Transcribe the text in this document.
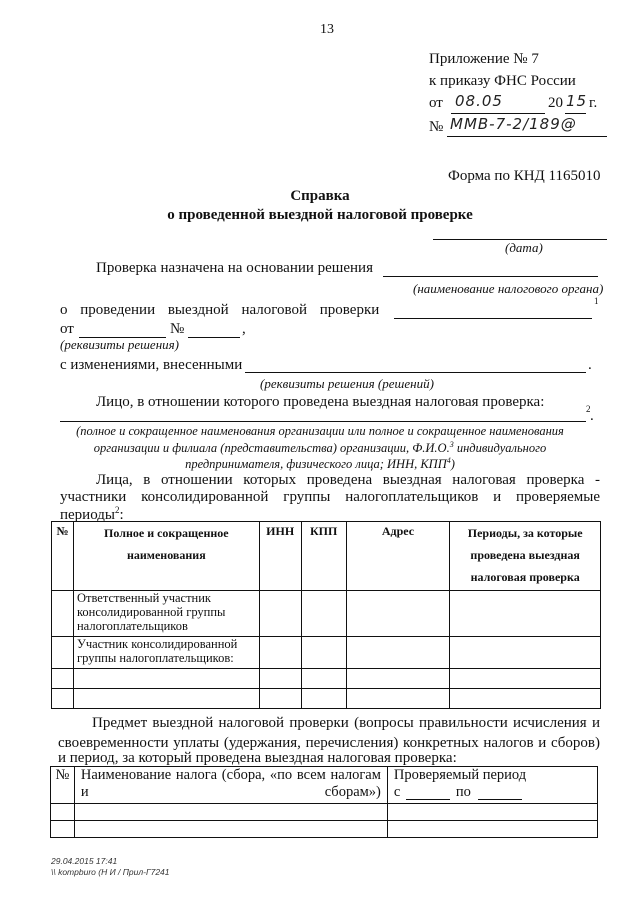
13
Приложение № 7
к приказу ФНС России
от 08.05	20 15 г.
№ ММВ-7-2/189@
Форма по КНД 1165010
Справка
о проведенной выездной налоговой проверке
(дата)
Проверка назначена на основании решения
(наименование налогового органа)
о проведении выездной налоговой проверки
1
от	№	,
(реквизиты решения)
с изменениями, внесенными	.
(реквизиты решения (решений)
Лицо, в отношении которого проведена выездная налоговая проверка:	2 .
(полное и сокращенное наименования организации или полное и сокращенное наименования
организации и филиала (представительства) организации, Ф.И.О.$^3$ индивидуального
предпринимателя, физического лица; ИНН, КПП$^4$)
Лица, в отношении которых проведена выездная налоговая проверка -
участники консолидированной группы налогоплательщиков и проверяемые
периоды$^2$:
№	Полное и сокращенное наименования	ИНН	КПП	Адрес	Периоды, за которые проведена выездная налоговая проверка
	Ответственный участник консолидированной группы налогоплательщиков				
	Участник консолидированной группы налогоплательщиков:				

Предмет выездной налоговой проверки (вопросы правильности исчисления и
своевременности уплаты (удержания, перечисления) конкретных налогов и сборов)
и период, за который проведена выездная налоговая проверка:
№	Наименование налога (сбора, «по всем налогам и сборам»)	Проверяемый период
с по

29.04.2015 17:41
\\ kompburo (Н И / Прил-Г7241
